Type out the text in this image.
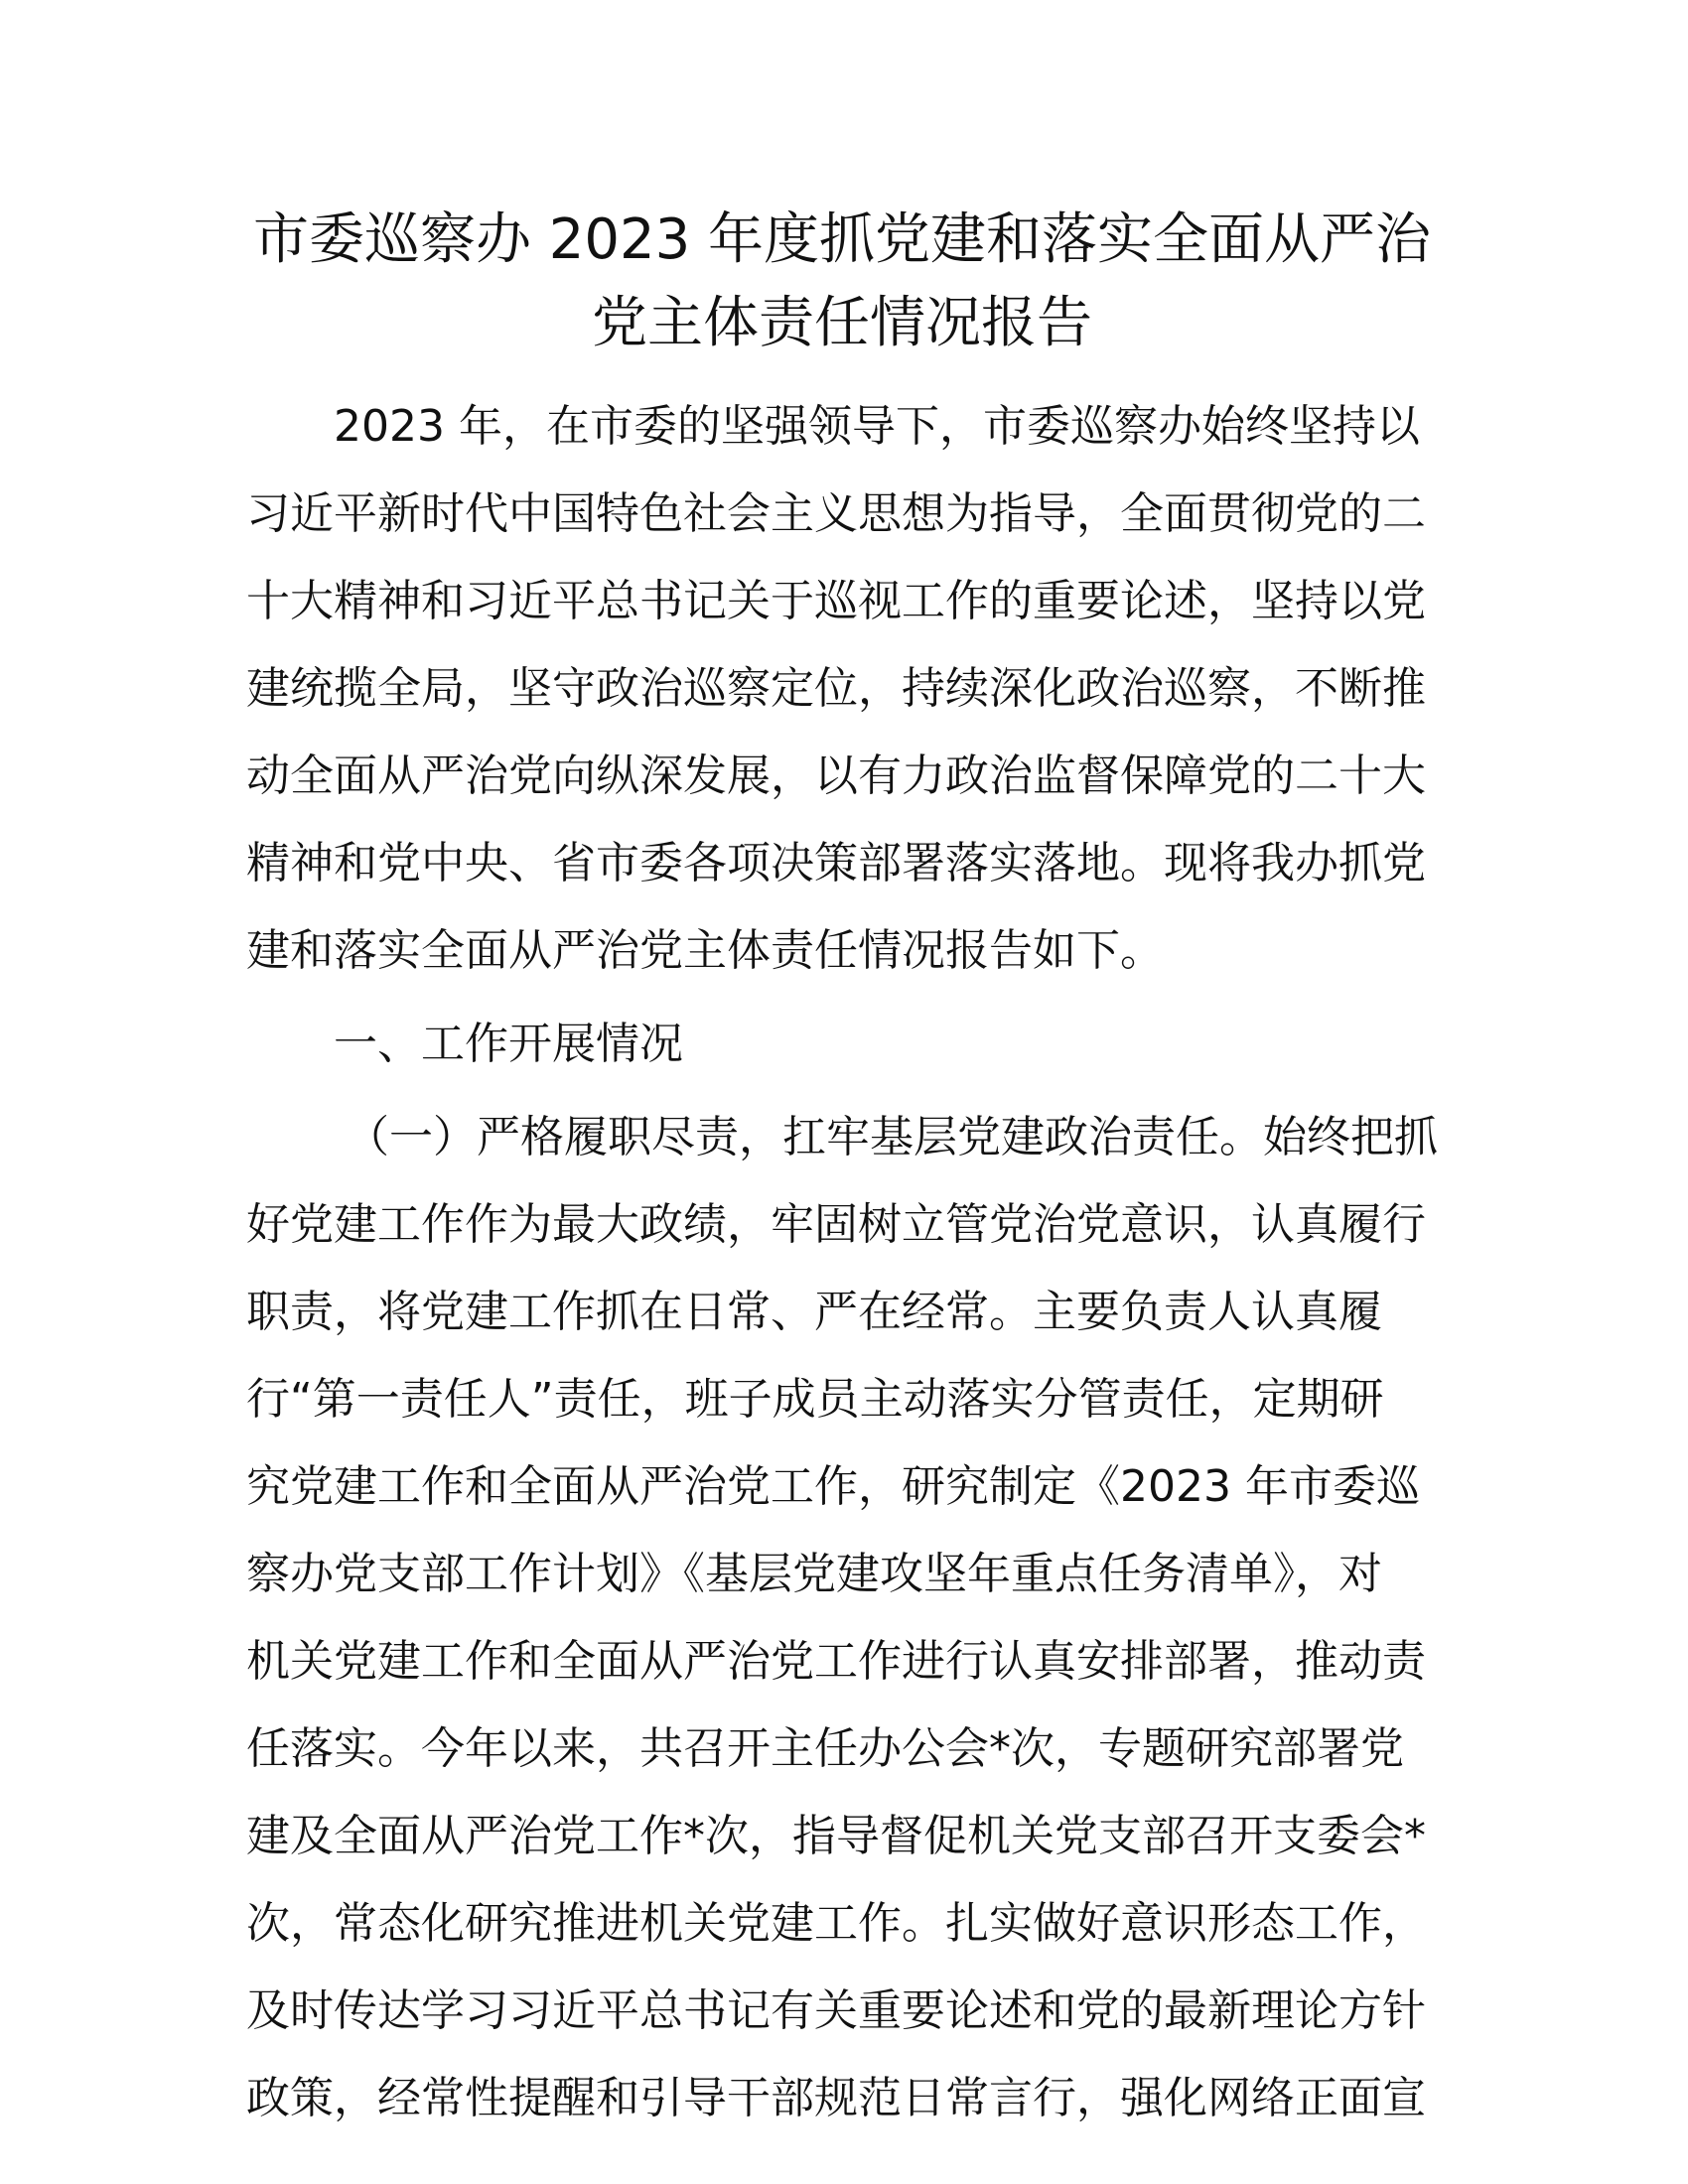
市委巡察办 2023 年度抓党建和落实全面从严治
党主体责任情况报告

2023 年，在市委的坚强领导下，市委巡察办始终坚持以
习近平新时代中国特色社会主义思想为指导，全面贯彻党的二
十大精神和习近平总书记关于巡视工作的重要论述，坚持以党
建统揽全局，坚守政治巡察定位，持续深化政治巡察，不断推
动全面从严治党向纵深发展，以有力政治监督保障党的二十大
精神和党中央、省市委各项决策部署落实落地。现将我办抓党
建和落实全面从严治党主体责任情况报告如下。

一、工作开展情况

（一）严格履职尽责，扛牢基层党建政治责任。始终把抓
好党建工作作为最大政绩，牢固树立管党治党意识，认真履行
职责，将党建工作抓在日常、严在经常。主要负责人认真履
行“第一责任人”责任，班子成员主动落实分管责任，定期研
究党建工作和全面从严治党工作，研究制定《2023 年市委巡
察办党支部工作计划》《基层党建攻坚年重点任务清单》，对
机关党建工作和全面从严治党工作进行认真安排部署，推动责
任落实。今年以来，共召开主任办公会*次，专题研究部署党
建及全面从严治党工作*次，指导督促机关党支部召开支委会*
次，常态化研究推进机关党建工作。扎实做好意识形态工作，
及时传达学习习近平总书记有关重要论述和党的最新理论方针
政策，经常性提醒和引导干部规范日常言行，强化网络正面宣
